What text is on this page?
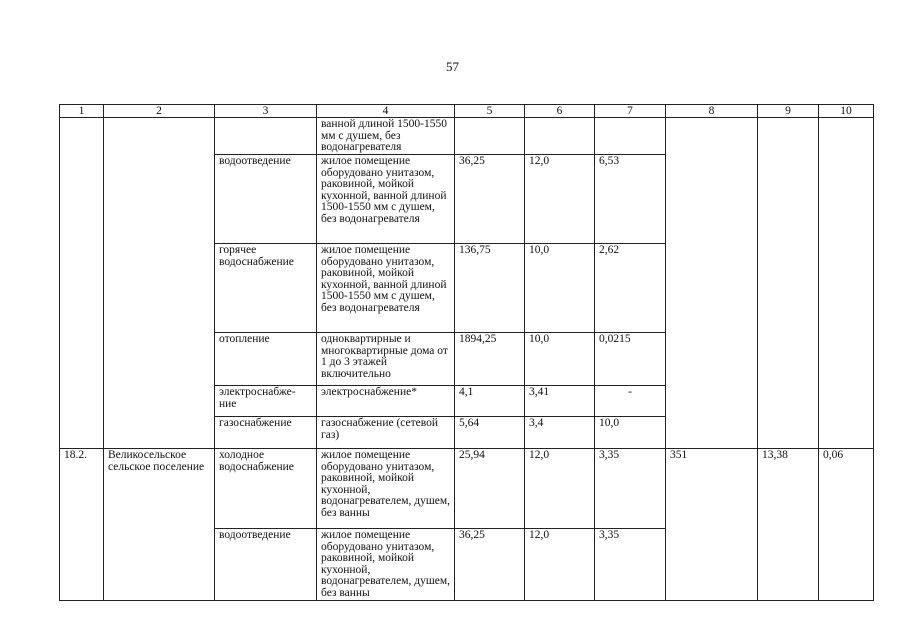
57
1	2	3	4	5	6	7	8	9	10
			ванной длиной 1500-1550 мм с душем, без водонагревателя						
		водоотведение	жилое помещение оборудовано унитазом, раковиной, мойкой кухонной, ванной длиной 1500-1550 мм с душем, без водонагревателя	36,25	12,0	6,53			
		горячее водоснабжение	жилое помещение оборудовано унитазом, раковиной, мойкой кухонной, ванной длиной 1500-1550 мм с душем, без водонагревателя	136,75	10,0	2,62			
		отопление	одноквартирные и многоквартирные дома от 1 до 3 этажей включительно	1894,25	10,0	0,0215			
		электроснабже-ние	электроснабжение*	4,1	3,41	-			
		газоснабжение	газоснабжение (сетевой газ)	5,64	3,4	10,0			
18.2.	Великосельское сельское поселение	холодное водоснабжение	жилое помещение оборудовано унитазом, раковиной, мойкой кухонной, водонагревателем, душем, без ванны	25,94	12,0	3,35	351	13,38	0,06
		водоотведение	жилое помещение оборудовано унитазом, раковиной, мойкой кухонной, водонагревателем, душем, без ванны	36,25	12,0	3,35			
